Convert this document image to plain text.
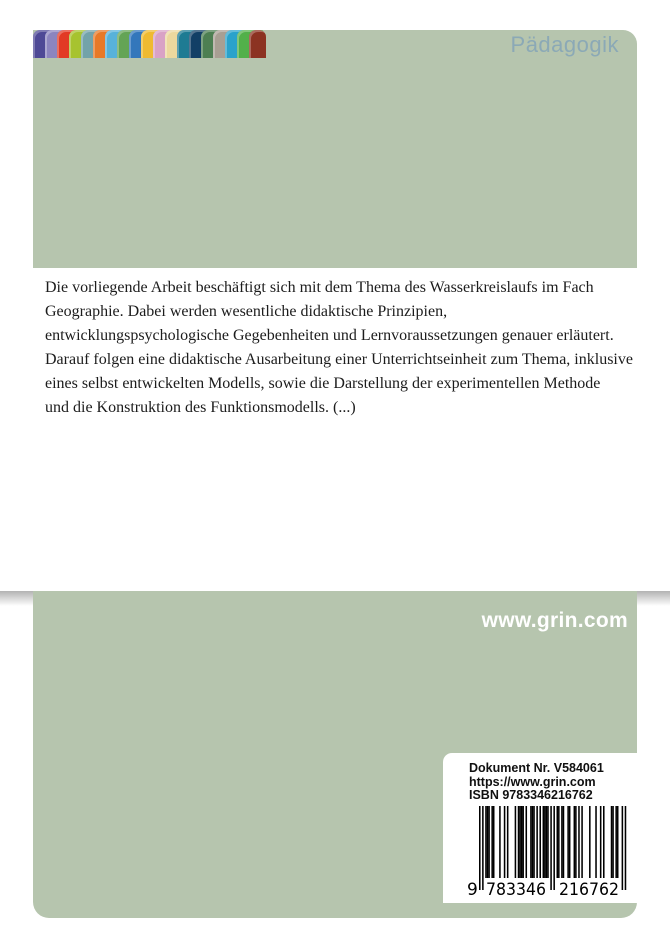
Pädagogik
Die vorliegende Arbeit beschäftigt sich mit dem Thema des Wasserkreislaufs im Fach
Geographie. Dabei werden wesentliche didaktische Prinzipien,
entwicklungspsychologische Gegebenheiten und Lernvoraussetzungen genauer erläutert.
Darauf folgen eine didaktische Ausarbeitung einer Unterrichtseinheit zum Thema, inklusive
eines selbst entwickelten Modells, sowie die Darstellung der experimentellen Methode
und die Konstruktion des Funktionsmodells. (...)
www.grin.com
Dokument Nr. V584061
https://www.grin.com
ISBN 9783346216762
9 783346 216762
